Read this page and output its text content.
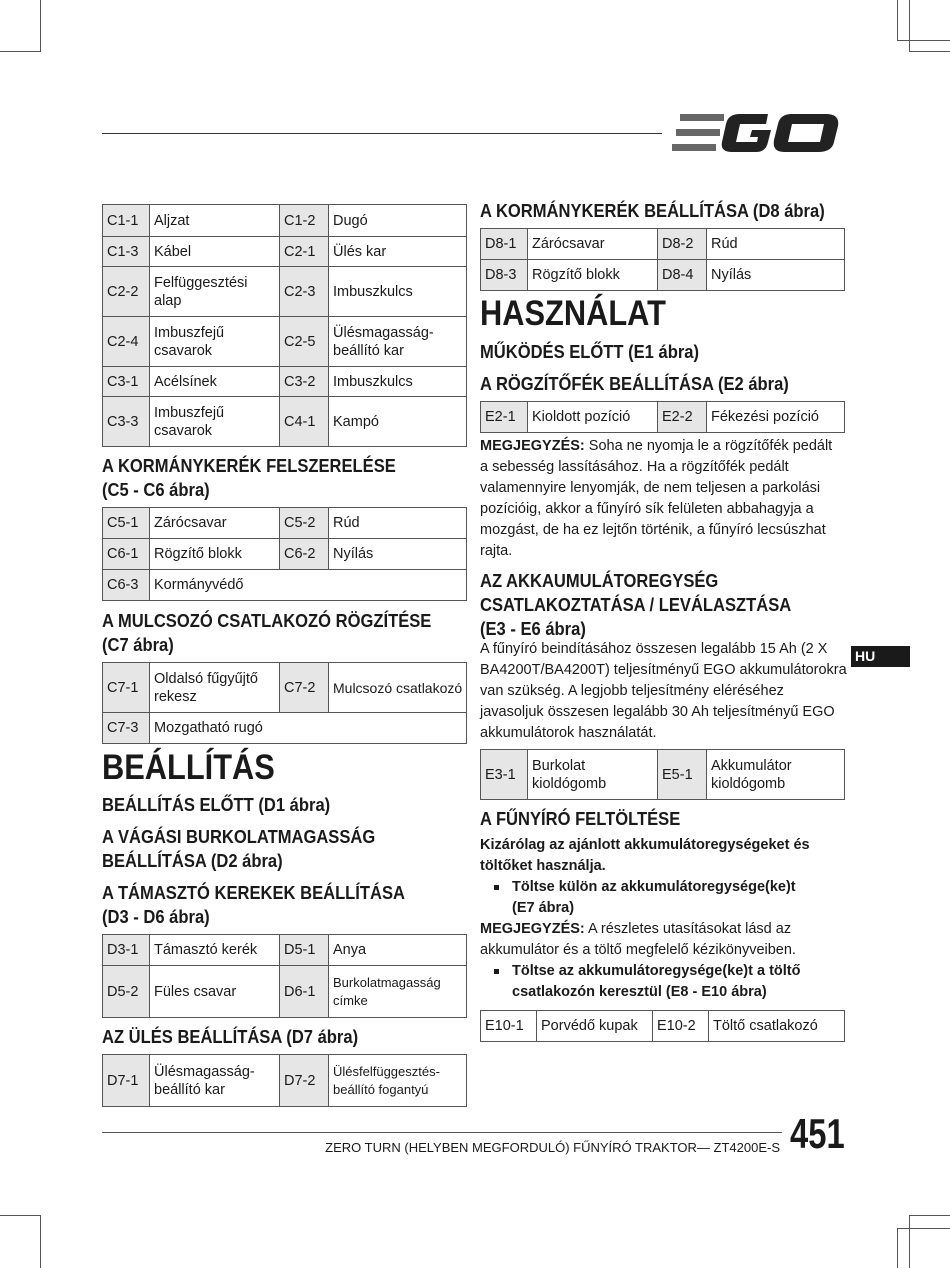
C1-1	Aljzat	C1-2	Dugó
C1-3	Kábel	C2-1	Ülés kar
C2-2	Felfüggesztési alap	C2-3	Imbuszkulcs
C2-4	Imbuszfejű csavarok	C2-5	Ülésmagasság-beállító kar
C3-1	Acélsínek	C3-2	Imbuszkulcs
C3-3	Imbuszfejű csavarok	C4-1	Kampó
A KORMÁNYKERÉK FELSZERELÉSE
(C5 - C6 ábra)
C5-1	Zárócsavar	C5-2	Rúd
C6-1	Rögzítő blokk	C6-2	Nyílás
C6-3	Kormányvédő		
A MULCSOZÓ CSATLAKOZÓ RÖGZÍTÉSE
(C7 ábra)
C7-1	Oldalsó fűgyűjtő rekesz	C7-2	Mulcsozó csatlakozó
C7-3	Mozgatható rugó		
BEÁLLÍTÁS
BEÁLLÍTÁS ELŐTT (D1 ábra)
A VÁGÁSI BURKOLATMAGASSÁG
BEÁLLÍTÁSA (D2 ábra)
A TÁMASZTÓ KEREKEK BEÁLLÍTÁSA
(D3 - D6 ábra)
D3-1	Támasztó kerék	D5-1	Anya
D5-2	Füles csavar	D6-1	Burkolatmagasság címke
AZ ÜLÉS BEÁLLÍTÁSA (D7 ábra)
D7-1	Ülésmagasság-beállító kar	D7-2	Ülésfelfüggesztés-beállító fogantyú
A KORMÁNYKERÉK BEÁLLÍTÁSA (D8 ábra)
D8-1	Zárócsavar	D8-2	Rúd
D8-3	Rögzítő blokk	D8-4	Nyílás
HASZNÁLAT
MŰKÖDÉS ELŐTT (E1 ábra)
A RÖGZÍTŐFÉK BEÁLLÍTÁSA (E2 ábra)
E2-1	Kioldott pozíció	E2-2	Fékezési pozíció
MEGJEGYZÉS: Soha ne nyomja le a rögzítőfék pedált
a sebesség lassításához. Ha a rögzítőfék pedált
valamennyire lenyomják, de nem teljesen a parkolási
pozícióig, akkor a fűnyíró sík felületen abbahagyja a
mozgást, de ha ez lejtőn történik, a fűnyíró lecsúszhat
rajta.
AZ AKKAUMULÁTOREGYSÉG
CSATLAKOZTATÁSA / LEVÁLASZTÁSA
(E3 - E6 ábra)
A fűnyíró beindításához összesen legalább 15 Ah (2 X
BA4200T/BA4200T) teljesítményű EGO akkumulátorokra
van szükség. A legjobb teljesítmény eléréséhez
javasoljuk összesen legalább 30 Ah teljesítményű EGO
akkumulátorok használatát.
E3-1	Burkolat kioldógomb	E5-1	Akkumulátor kioldógomb
A FŰNYÍRÓ FELTÖLTÉSE
Kizárólag az ajánlott akkumulátoregységeket és
töltőket használja.
Töltse külön az akkumulátoregysége(ke)t
(E7 ábra)
MEGJEGYZÉS: A részletes utasításokat lásd az
akkumulátor és a töltő megfelelő kézikönyveiben.
Töltse az akkumulátoregysége(ke)t a töltő
csatlakozón keresztül (E8 - E10 ábra)
E10-1	Porvédő kupak	E10-2	Töltő csatlakozó
HU
ZERO TURN (HELYBEN MEGFORDULÓ) FŰNYÍRÓ TRAKTOR— ZT4200E-S 451
